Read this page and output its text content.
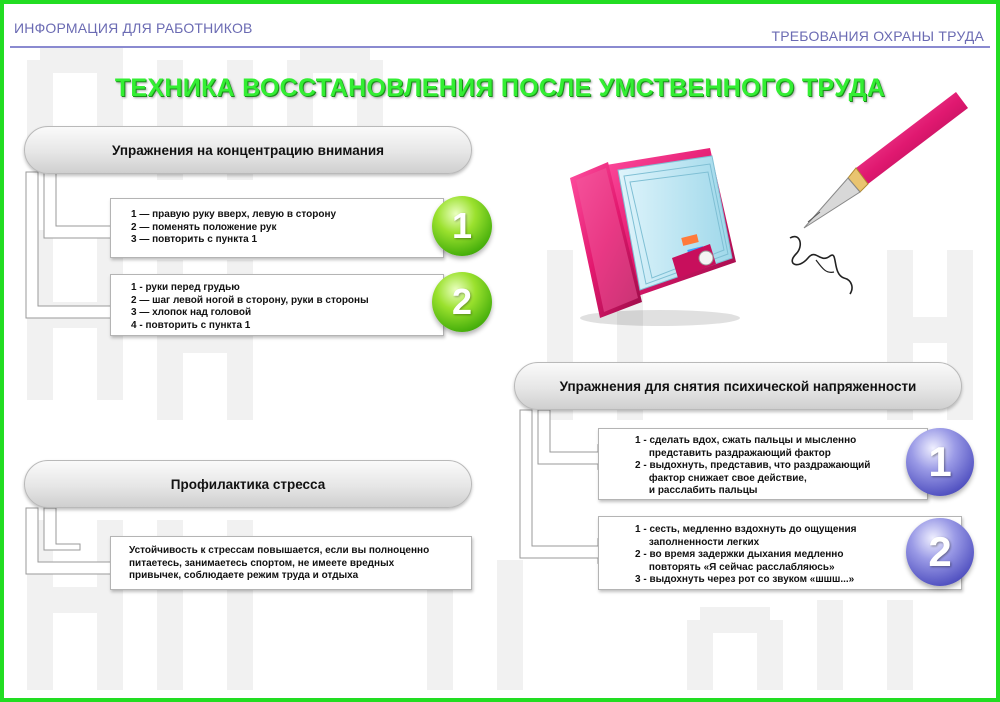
ИНФОРМАЦИЯ ДЛЯ РАБОТНИКОВ	ТРЕБОВАНИЯ ОХРАНЫ ТРУДА
ТЕХНИКА ВОССТАНОВЛЕНИЯ ПОСЛЕ УМСТВЕННОГО ТРУДА
Упражнения на концентрацию внимания
1 — правую руку вверх, левую в сторону
2 — поменять положение рук
3 — повторить с пункта 1	1
1 - руки перед грудью
2 — шаг левой ногой в сторону, руки в стороны
3 — хлопок над головой
4 - повторить с пункта 1
2
Профилактика стресса
Устойчивость к стрессам повышается, если вы полноценно
питаетесь, занимаетесь спортом, не имеете вредных
привычек, соблюдаете режим труда и отдыха
Упражнения для снятия психической напряженности
1 - сделать вдох, сжать пальцы и мысленно
представить раздражающий фактор
2 - выдохнуть, представив, что раздражающий
фактор снижает свое действие,
и расслабить пальцы
1
1 - сесть, медленно вздохнуть до ощущения
заполненности легких
2 - во время задержки дыхания медленно
повторять «Я сейчас расслабляюсь»
3 - выдохнуть через рот со звуком «шшш...»
2
